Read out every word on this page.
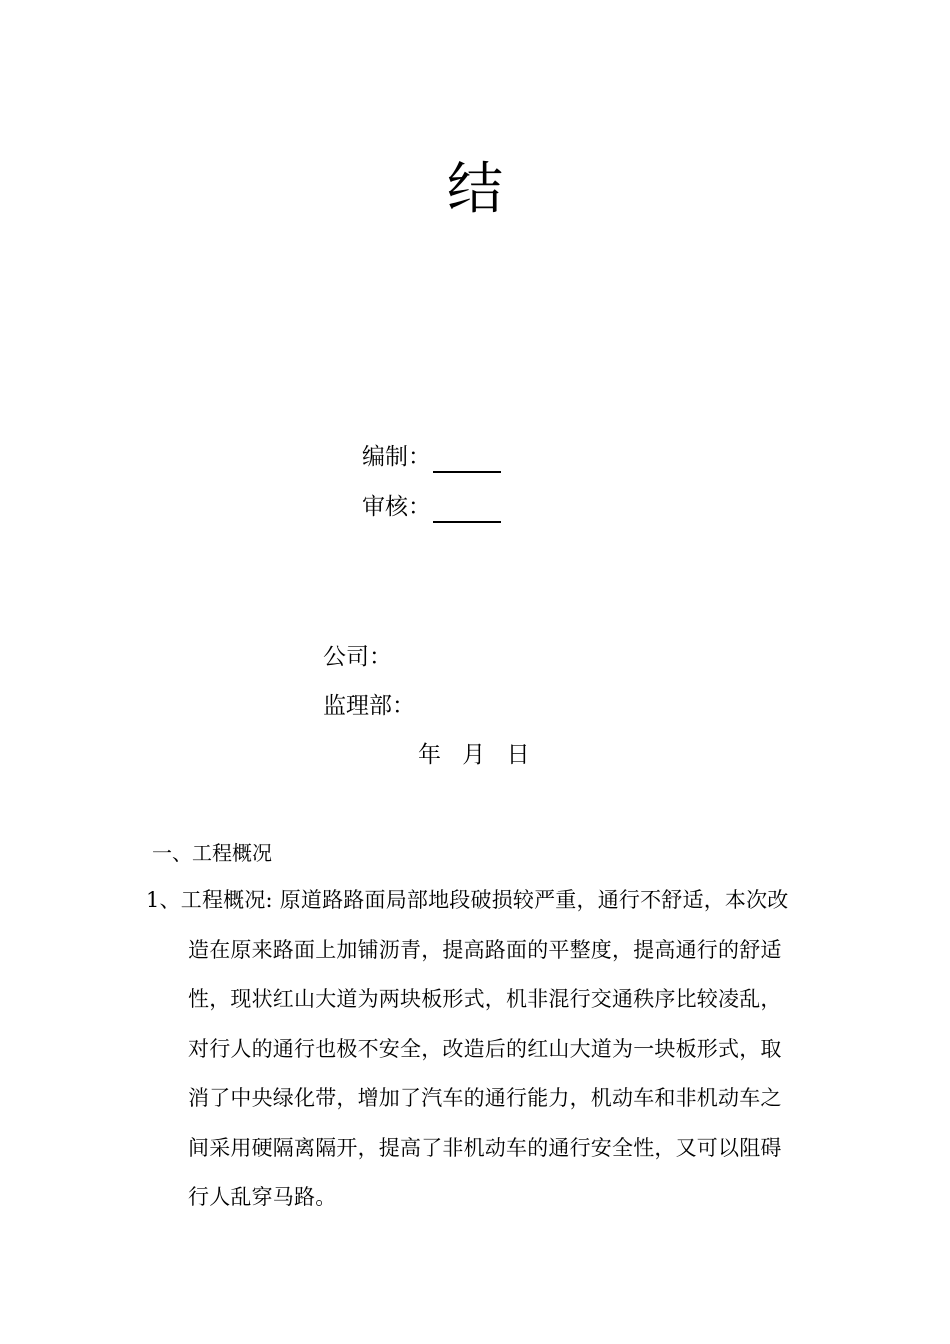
结
编制：
审核：
公司：
监理部：
年 月 日
一、工程概况
1、工程概况: 原道路路面局部地段破损较严重，通行不舒适，本次改
造在原来路面上加铺沥青，提高路面的平整度，提高通行的舒适
性，现状红山大道为两块板形式，机非混行交通秩序比较凌乱，
对行人的通行也极不安全，改造后的红山大道为一块板形式，取
消了中央绿化带，增加了汽车的通行能力，机动车和非机动车之
间采用硬隔离隔开，提高了非机动车的通行安全性，又可以阻碍
行人乱穿马路。
